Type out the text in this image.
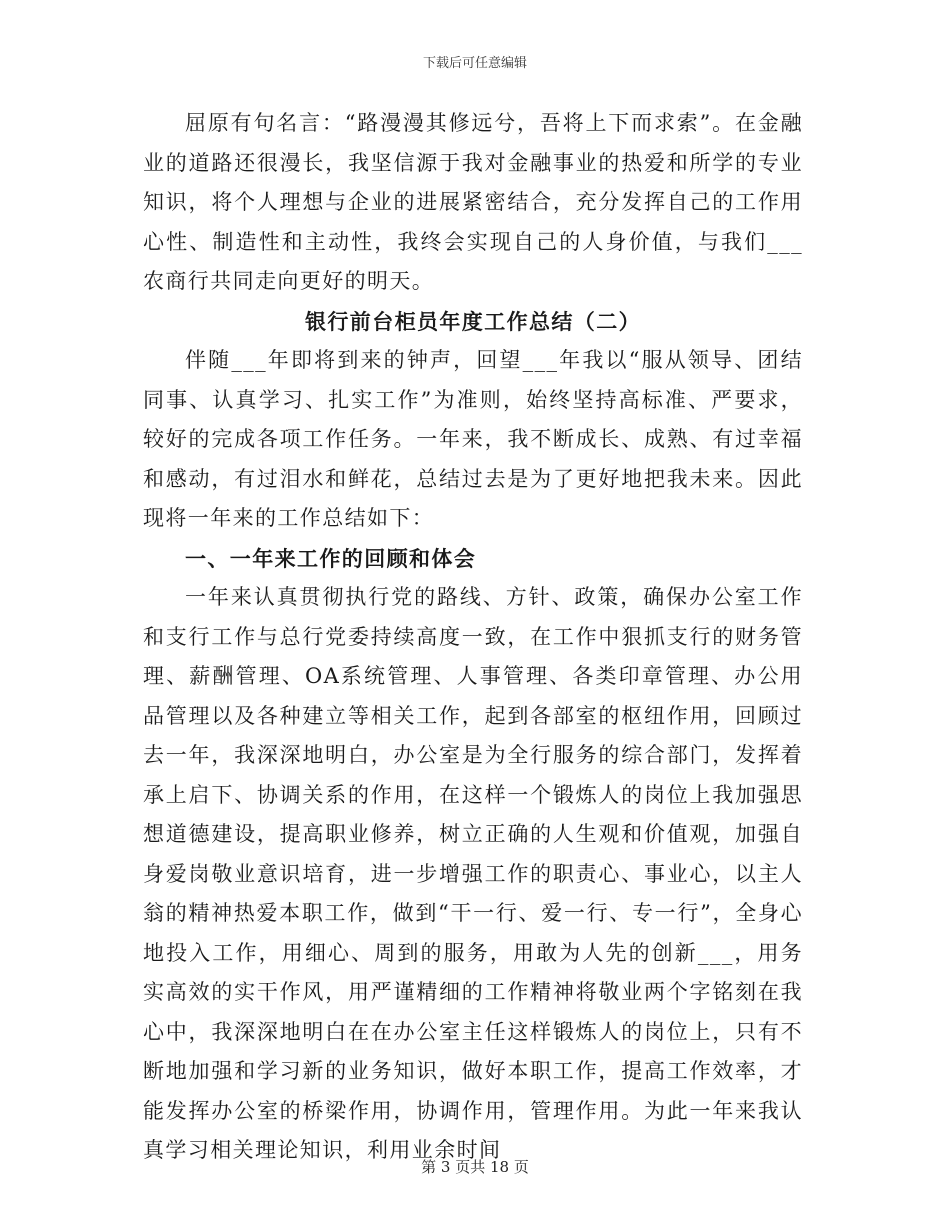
下载后可任意编辑

屈原有句名言：“路漫漫其修远兮，吾将上下而求索”。在金融业的道路还很漫长，我坚信源于我对金融事业的热爱和所学的专业知识，将个人理想与企业的进展紧密结合，充分发挥自己的工作用心性、制造性和主动性，我终会实现自己的人身价值，与我们___农商行共同走向更好的明天。

银行前台柜员年度工作总结（二）

伴随___年即将到来的钟声，回望___年我以“服从领导、团结同事、认真学习、扎实工作”为准则，始终坚持高标准、严要求，较好的完成各项工作任务。一年来，我不断成长、成熟、有过幸福和感动，有过泪水和鲜花，总结过去是为了更好地把我未来。因此现将一年来的工作总结如下：

一、一年来工作的回顾和体会

一年来认真贯彻执行党的路线、方针、政策，确保办公室工作和支行工作与总行党委持续高度一致，在工作中狠抓支行的财务管理、薪酬管理、OA系统管理、人事管理、各类印章管理、办公用品管理以及各种建立等相关工作，起到各部室的枢纽作用，回顾过去一年，我深深地明白，办公室是为全行服务的综合部门，发挥着承上启下、协调关系的作用，在这样一个锻炼人的岗位上我加强思想道德建设，提高职业修养，树立正确的人生观和价值观，加强自身爱岗敬业意识培育，进一步增强工作的职责心、事业心，以主人翁的精神热爱本职工作，做到“干一行、爱一行、专一行”，全身心地投入工作，用细心、周到的服务，用敢为人先的创新___，用务实高效的实干作风，用严谨精细的工作精神将敬业两个字铭刻在我心中，我深深地明白在在办公室主任这样锻炼人的岗位上，只有不断地加强和学习新的业务知识，做好本职工作，提高工作效率，才能发挥办公室的桥梁作用，协调作用，管理作用。为此一年来我认真学习相关理论知识，利用业余时间

第 3 页共 18 页
